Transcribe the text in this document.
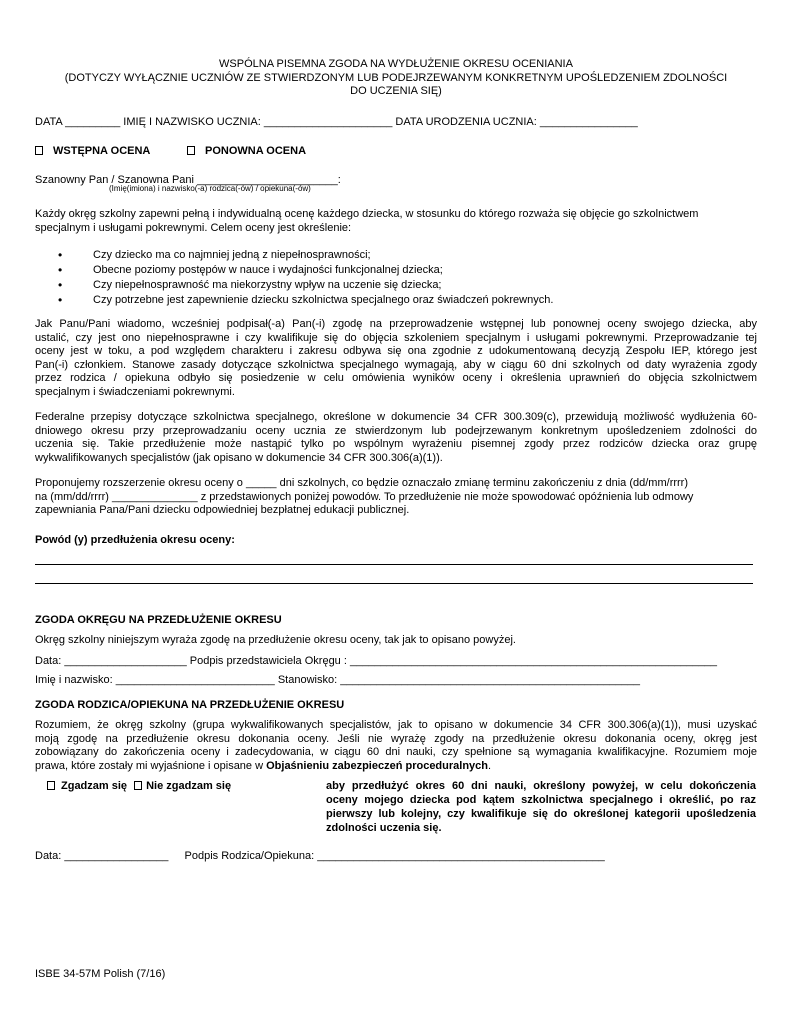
WSPÓLNA PISEMNA ZGODA NA WYDŁUŻENIE OKRESU OCENIANIA
(DOTYCZY WYŁĄCZNIE UCZNIÓW ZE STWIERDZONYM LUB PODEJRZEWANYM KONKRETNYM UPOŚLEDZENIEM ZDOLNOŚCI
DO UCZENIA SIĘ)
DATA _________ IMIĘ I NAZWISKO UCZNIA: _____________________ DATA URODZENIA UCZNIA: ________________
WSTĘPNA OCENA	PONOWNA OCENA
Szanowny Pan / Szanowna Pani _______________________:
(Imię(imiona) i nazwisko(-a) rodzica(-ów) / opiekuna(-ów)

Każdy okręg szkolny zapewni pełną i indywidualną ocenę każdego dziecka, w stosunku do którego rozważa się objęcie go szkolnictwem

specjalnym i usługami pokrewnymi. Celem oceny jest określenie:

•	Czy dziecko ma co najmniej jedną z niepełnosprawności;
•	Obecne poziomy postępów w nauce i wydajności funkcjonalnej dziecka;
•	Czy niepełnosprawność ma niekorzystny wpływ na uczenie się dziecka;
•	Czy potrzebne jest zapewnienie dziecku szkolnictwa specjalnego oraz świadczeń pokrewnych.

Jak Panu/Pani wiadomo, wcześniej podpisał(-a) Pan(-i) zgodę na przeprowadzenie wstępnej lub ponownej oceny swojego dziecka, aby

ustalić, czy jest ono niepełnosprawne i czy kwalifikuje się do objęcia szkoleniem specjalnym i usługami pokrewnymi. Przeprowadzanie tej

oceny jest w toku, a pod względem charakteru i zakresu odbywa się ona zgodnie z udokumentowaną decyzją Zespołu IEP, którego jest

Pan(-i) członkiem. Stanowe zasady dotyczące szkolnictwa specjalnego wymagają, aby w ciągu 60 dni szkolnych od daty wyrażenia zgody

przez rodzica / opiekuna odbyło się posiedzenie w celu omówienia wyników oceny i określenia uprawnień do objęcia szkolnictwem

specjalnym i świadczeniami pokrewnymi.

Federalne przepisy dotyczące szkolnictwa specjalnego, określone w dokumencie 34 CFR 300.309(c), przewidują możliwość wydłużenia 60-

dniowego okresu przy przeprowadzaniu oceny ucznia ze stwierdzonym lub podejrzewanym konkretnym upośledzeniem zdolności do

uczenia się. Takie przedłużenie może nastąpić tylko po wspólnym wyrażeniu pisemnej zgody przez rodziców dziecka oraz grupę

wykwalifikowanych specjalistów (jak opisano w dokumencie 34 CFR 300.306(a)(1)).

Proponujemy rozszerzenie okresu oceny o _____ dni szkolnych, co będzie oznaczało zmianę terminu zakończeniu z dnia (dd/mm/rrrr)

na (mm/dd/rrrr) ______________ z przedstawionych poniżej powodów. To przedłużenie nie może spowodować opóźnienia lub odmowy

zapewniania Pana/Pani dziecku odpowiedniej bezpłatnej edukacji publicznej.

Powód (y) przedłużenia okresu oceny:
ZGODA OKRĘGU NA PRZEDŁUŻENIE OKRESU
Okręg szkolny niniejszym wyraża zgodę na przedłużenie okresu oceny, tak jak to opisano powyżej.
Data: ____________________ Podpis przedstawiciela Okręgu : ____________________________________________________________
Imię i nazwisko: __________________________ Stanowisko: _________________________________________________
ZGODA RODZICA/OPIEKUNA NA PRZEDŁUŻENIE OKRESU

Rozumiem, że okręg szkolny (grupa wykwalifikowanych specjalistów, jak to opisano w dokumencie 34 CFR 300.306(a)(1)), musi uzyskać

moją zgodę na przedłużenie okresu dokonania oceny. Jeśli nie wyrażę zgody na przedłużenie okresu dokonania oceny, okręg jest

zobowiązany do zakończenia oceny i zadecydowania, w ciągu 60 dni nauki, czy spełnione są wymagania kwalifikacyjne. Rozumiem moje

prawa, które zostały mi wyjaśnione i opisane w Objaśnieniu zabezpieczeń proceduralnych.

Zgadzam się Nie zgadzam się	aby przedłużyć okres 60 dni nauki, określony powyżej, w celu dokończenia
oceny mojego dziecka pod kątem szkolnictwa specjalnego i określić, po raz
pierwszy lub kolejny, czy kwalifikuje się do określonej kategorii upośledzenia
zdolności uczenia się.
Data: _________________ Podpis Rodzica/Opiekuna: _______________________________________________
ISBE 34-57M Polish (7/16)
